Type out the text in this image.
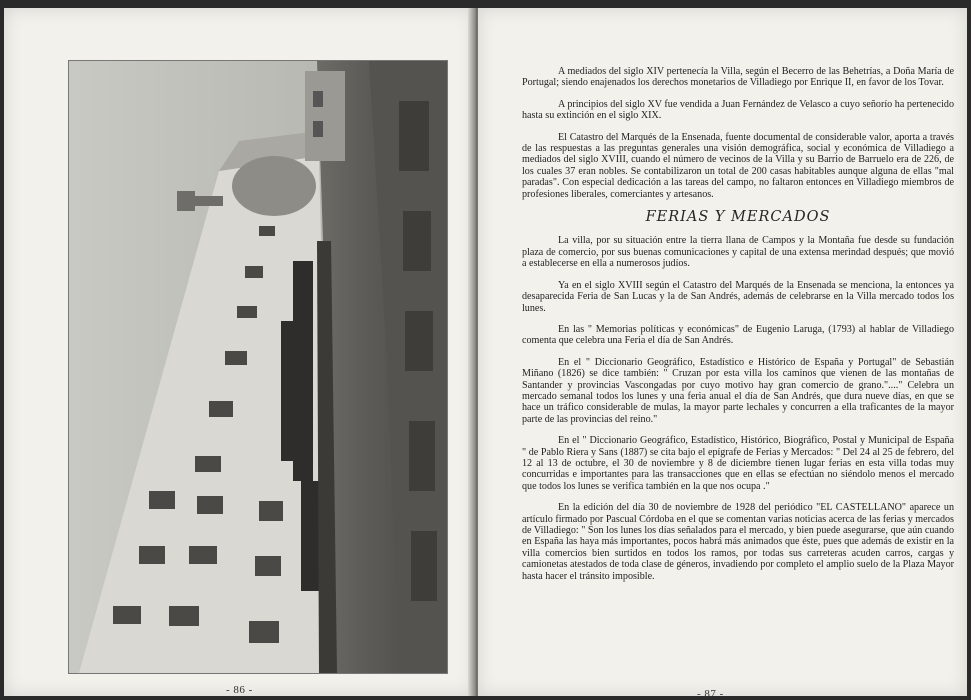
- 86 -

A mediados del siglo XIV pertenecía la Villa, según el Becerro de las Behetrías, a Doña María de Portugal; siendo enajenados los derechos monetarios de Villadiego por Enrique II, en favor de los Tovar.

A principios del siglo XV fue vendida a Juan Fernández de Velasco a cuyo señorío ha pertenecido hasta su extinción en el siglo XIX.

El Catastro del Marqués de la Ensenada, fuente documental de considerable valor, aporta a través de las respuestas a las preguntas generales una visión demográfica, social y económica de Villadiego a mediados del siglo XVIII, cuando el número de vecinos de la Villa y su Barrio de Barruelo era de 226, de los cuales 37 eran nobles. Se contabilizaron un total de 200 casas habitables aunque alguna de ellas "mal paradas". Con especial dedicación a las tareas del campo, no faltaron entonces en Villadiego miembros de profesiones liberales, comerciantes y artesanos.

FERIAS Y MERCADOS

La villa, por su situación entre la tierra llana de Campos y la Montaña fue desde su fundación plaza de comercio, por sus buenas comunicaciones y capital de una extensa merindad después; que movió a establecerse en ella a numerosos judíos.

Ya en el siglo XVIII según el Catastro del Marqués de la Ensenada se menciona, la entonces ya desaparecida Feria de San Lucas y la de San Andrés, además de celebrarse en la Villa mercado todos los lunes.

En las " Memorias políticas y económicas" de Eugenio Laruga, (1793) al hablar de Villadiego comenta que celebra una Feria el día de San Andrés.

En el " Diccionario Geográfico, Estadístico e Histórico de España y Portugal" de Sebastián Miñano (1826) se dice también: " Cruzan por esta villa los caminos que vienen de las montañas de Santander y provincias Vascongadas por cuyo motivo hay gran comercio de grano."...." Celebra un mercado semanal todos los lunes y una feria anual el día de San Andrés, que dura nueve días, en que se hace un tráfico considerable de mulas, la mayor parte lechales y concurren a ella traficantes de la mayor parte de las provincias del reino."

En el " Diccionario Geográfico, Estadístico, Histórico, Biográfico, Postal y Municipal de España " de Pablo Riera y Sans (1887) se cita bajo el epígrafe de Ferias y Mercados: " Del 24 al 25 de febrero, del 12 al 13 de octubre, el 30 de noviembre y 8 de diciembre tienen lugar ferias en esta villa todas muy concurridas e importantes para las transacciones que en ellas se efectúan no siéndolo menos el mercado que todos los lunes se verifica también en la que nos ocupa ."

En la edición del día 30 de noviembre de 1928 del periódico "EL CASTELLANO" aparece un artículo firmado por Pascual Córdoba en el que se comentan varias noticias acerca de las ferias y mercados de Villadiego: " Son los lunes los días señalados para el mercado, y bien puede asegurarse, que aún cuando en España las haya más importantes, pocos habrá más animados que éste, pues que además de existir en la villa comercios bien surtidos en todos los ramos, por todas sus carreteras acuden carros, cargas y camionetas atestados de toda clase de géneros, invadiendo por completo el amplio suelo de la Plaza Mayor hasta hacer el tránsito imposible.

- 87 -
